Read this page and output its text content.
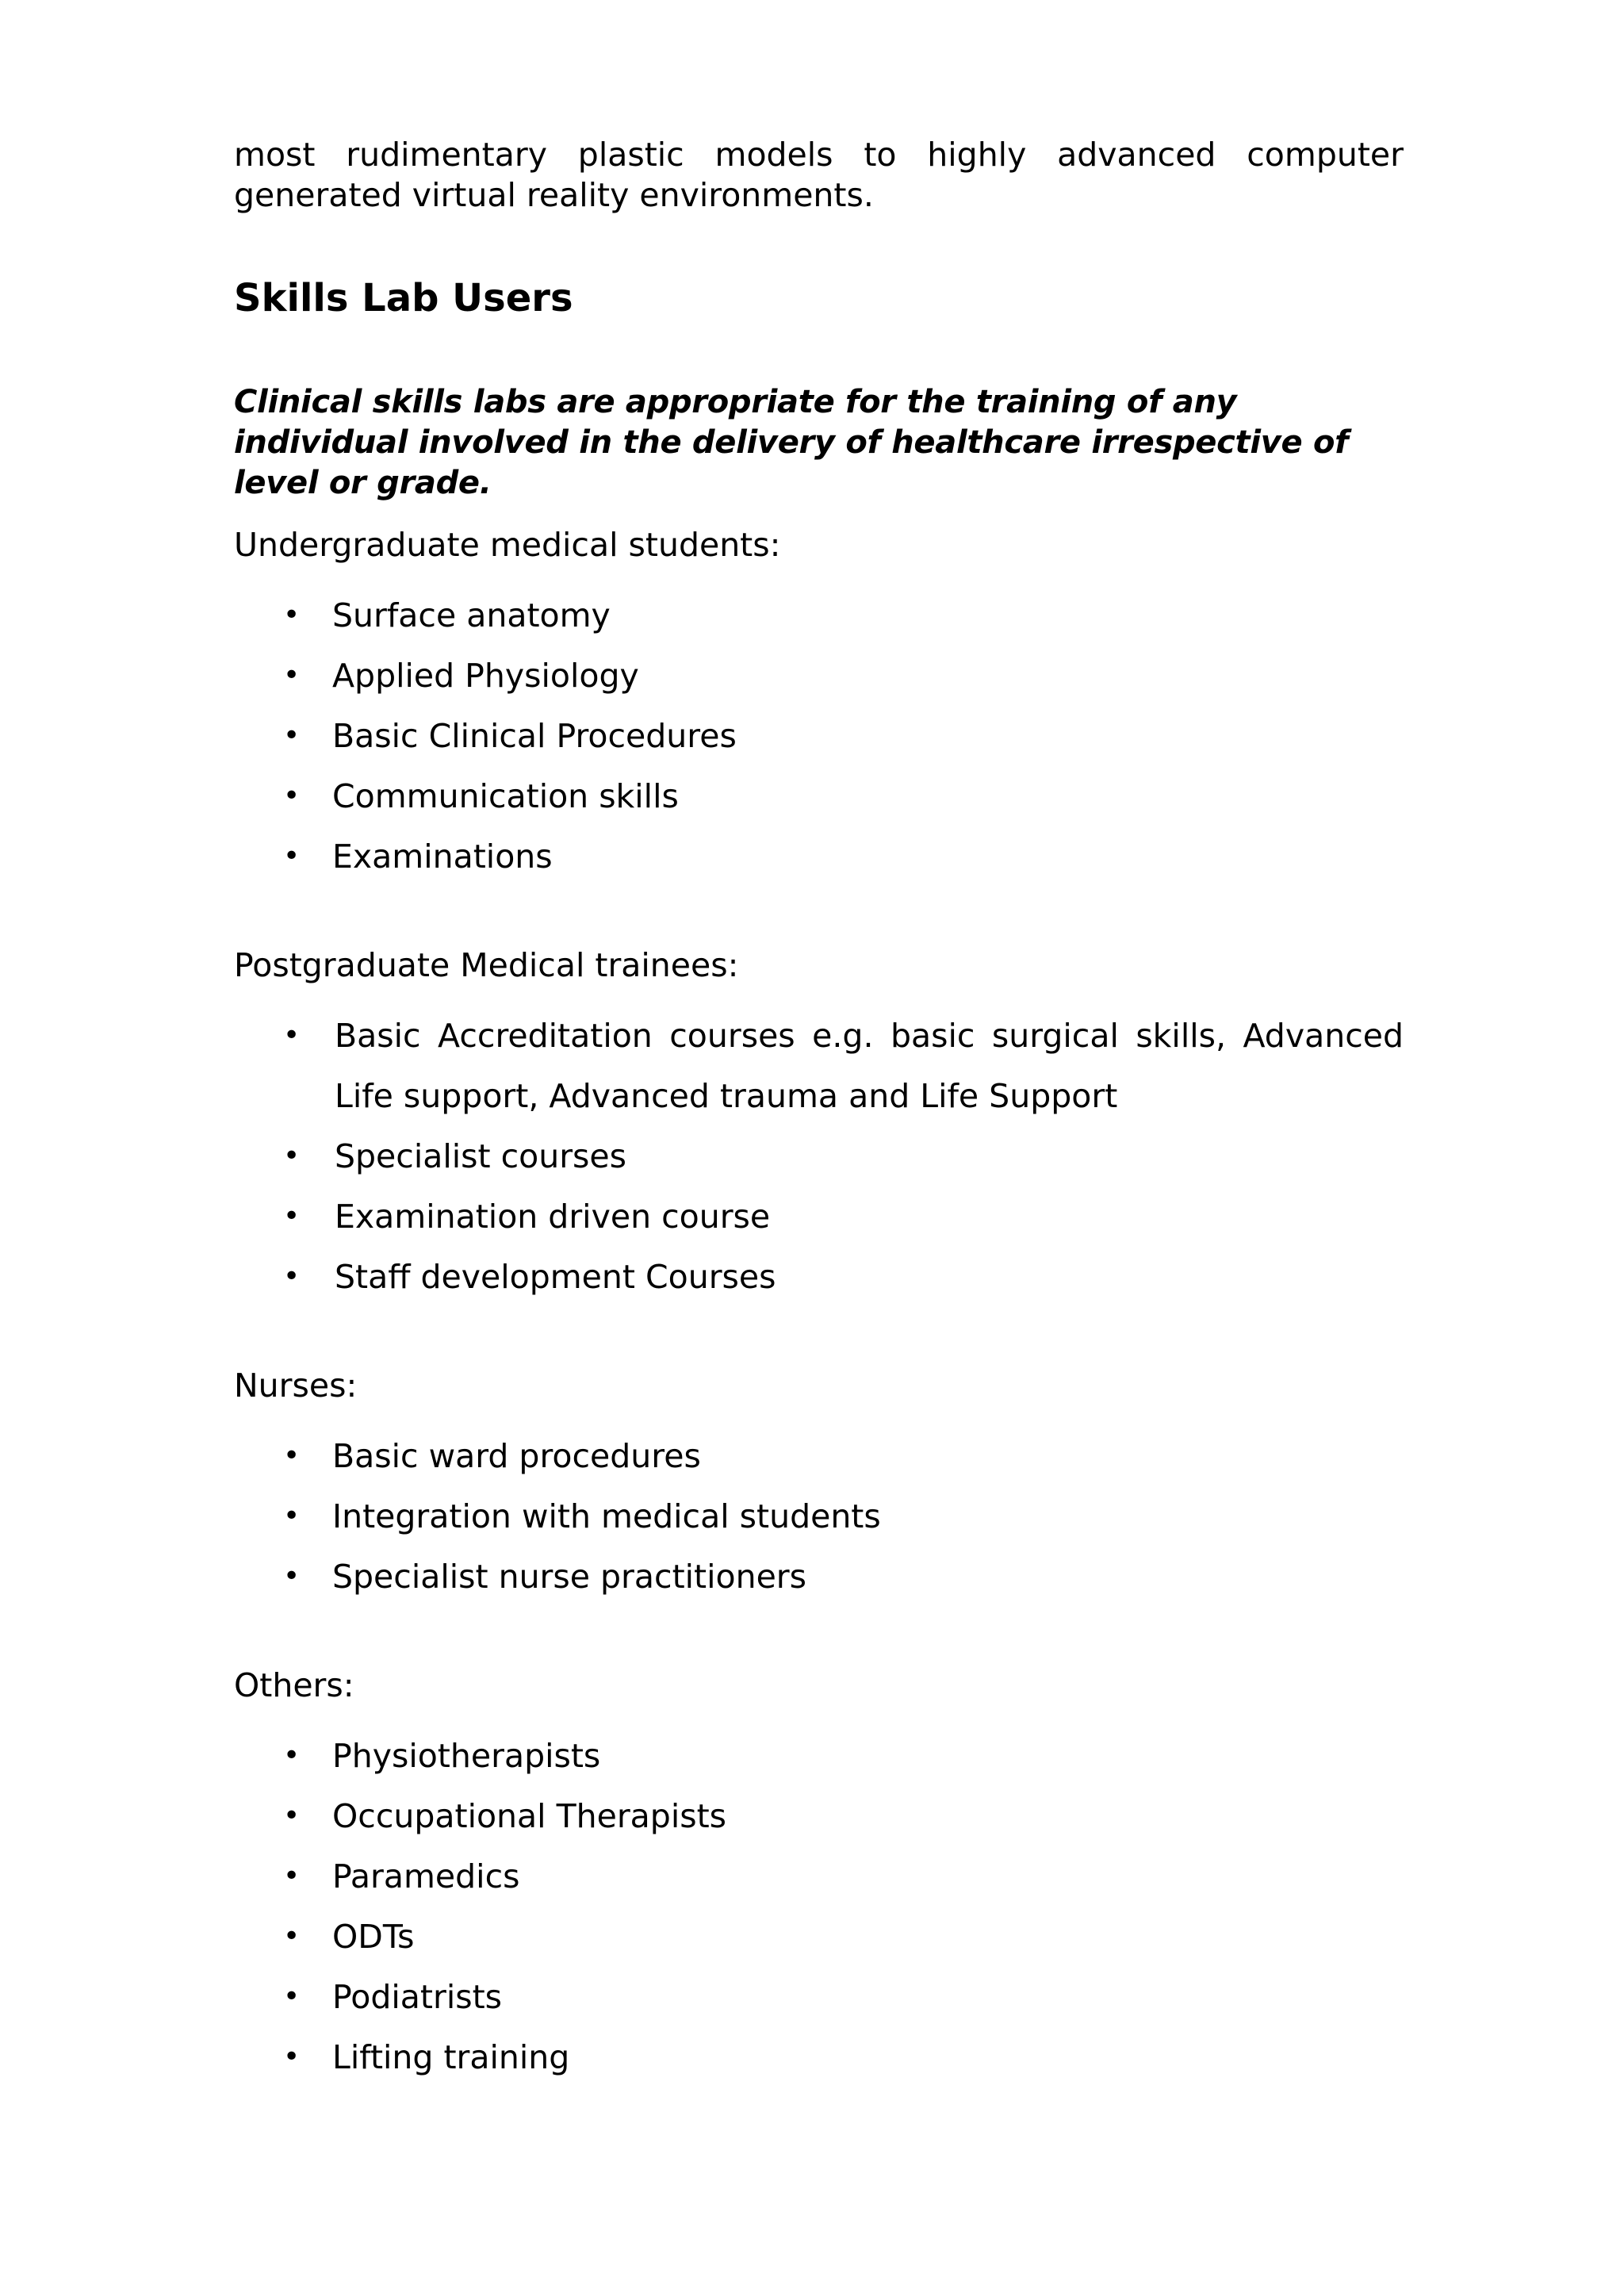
most rudimentary plastic models to highly advanced computer
generated virtual reality environments.

Skills Lab Users

Clinical skills labs are appropriate for the training of any individual involved in the delivery of healthcare irrespective of level or grade.

Undergraduate medical students:

• Surface anatomy
• Applied Physiology
• Basic Clinical Procedures
• Communication skills
• Examinations

Postgraduate Medical trainees:

• Basic Accreditation courses e.g. basic surgical skills, Advanced Life support, Advanced trauma and Life Support
• Specialist courses
• Examination driven course
• Staff development Courses

Nurses:

• Basic ward procedures
• Integration with medical students
• Specialist nurse practitioners

Others:

• Physiotherapists
• Occupational Therapists
• Paramedics
• ODTs
• Podiatrists
• Lifting training
